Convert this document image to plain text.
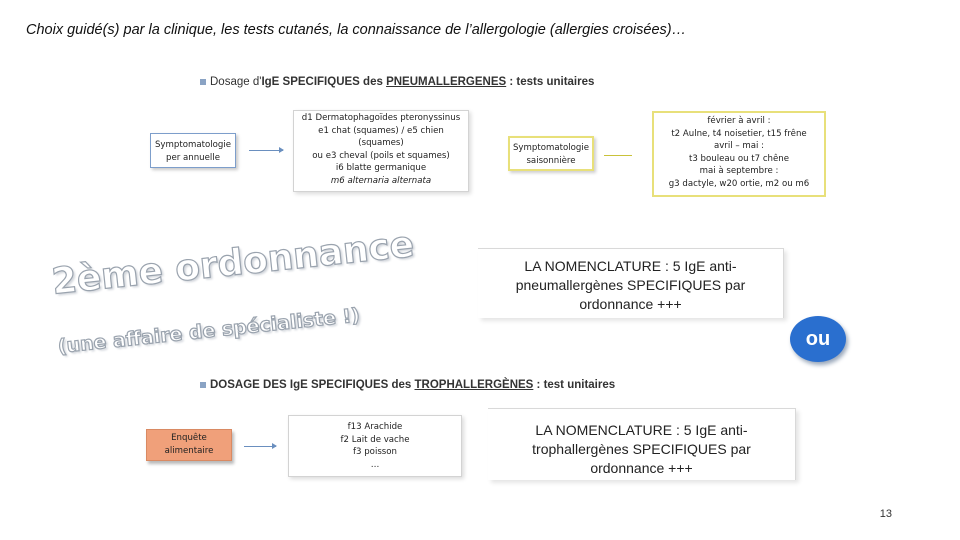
Choix guidé(s) par la clinique, les tests cutanés, la connaissance de l’allergologie (allergies croisées)…
Dosage d'IgE SPECIFIQUES des PNEUMALLERGENES : tests unitaires
Symptomatologie
per annuelle
d1 Dermatophagoïdes pteronyssinus
e1 chat (squames) / e5 chien
(squames)
ou e3 cheval (poils et squames)
i6 blatte germanique
m6 alternaria alternata
Symptomatologie
saisonnière
février à avril :
t2 Aulne, t4 noisetier, t15 frêne
avril – mai :
t3 bouleau ou t7 chêne
mai à septembre :
g3 dactyle, w20 ortie, m2 ou m6
LA NOMENCLATURE : 5 IgE anti-
pneumallergènes SPECIFIQUES par
ordonnance +++
2ème ordonnance
(une affaire de spécialiste !)	ou
DOSAGE DES IgE SPECIFIQUES des TROPHALLERGÈNES : test unitaires
Enquête
alimentaire
f13 Arachide
f2 Lait de vache
f3 poisson
…
LA NOMENCLATURE : 5 IgE anti-
trophallergènes SPECIFIQUES par
ordonnance +++
13
